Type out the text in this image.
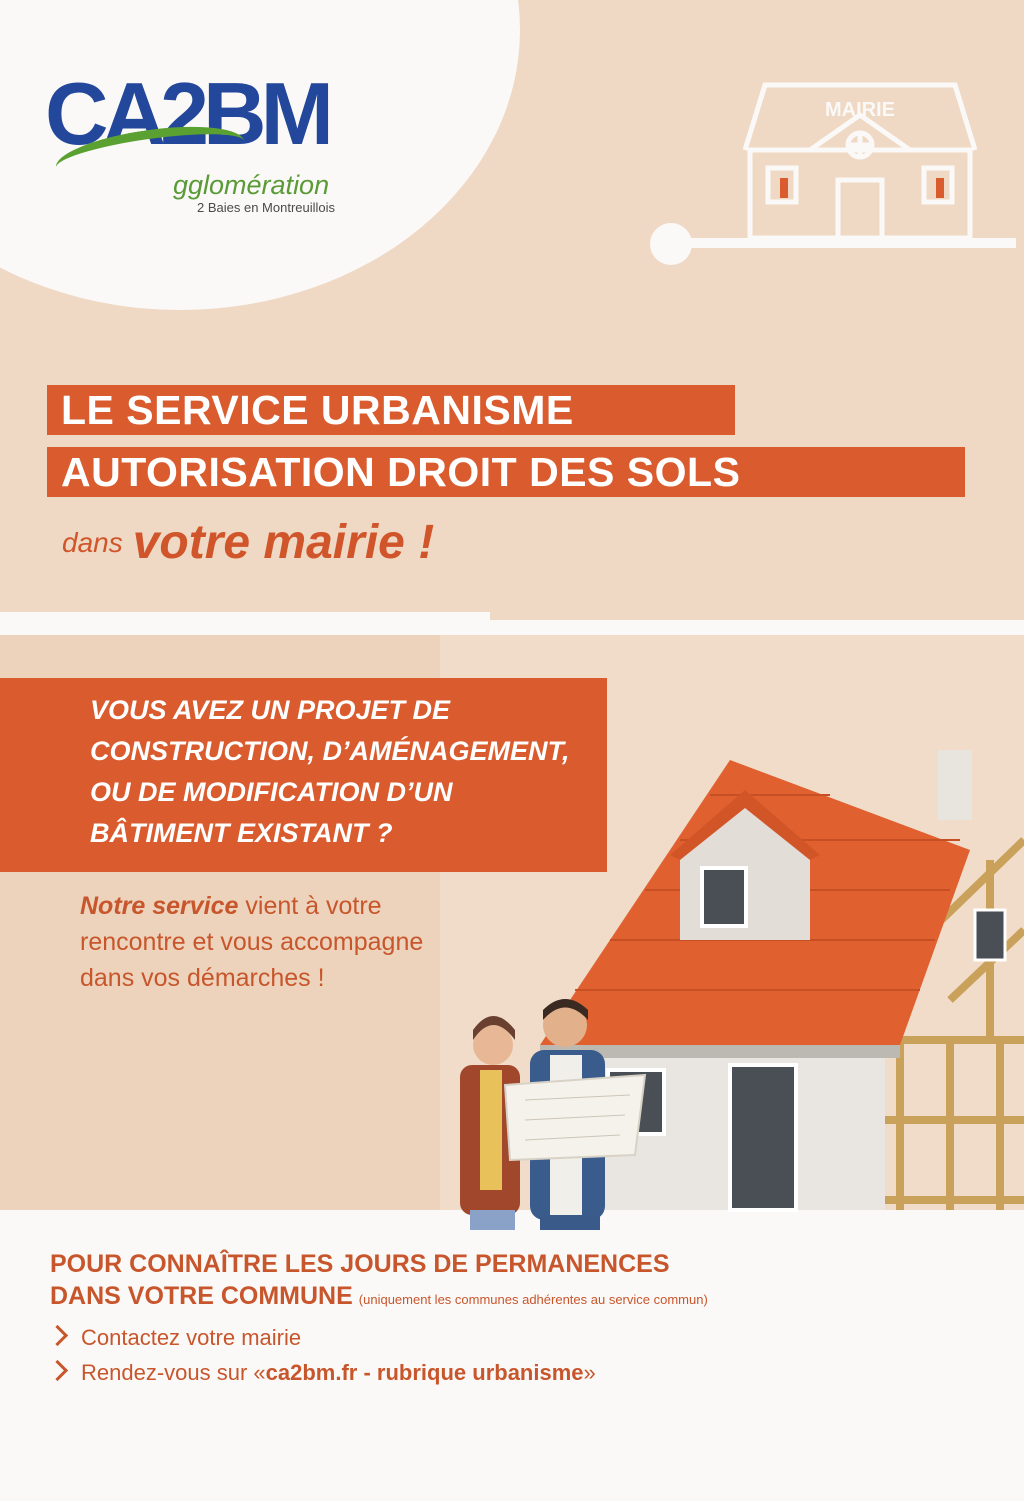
CA2BM
gglomération
2 Baies en Montreuillois
MAIRIE
LE SERVICE URBANISME
AUTORISATION DROIT DES SOLS
dans votre mairie !
VOUS AVEZ UN PROJET DE
CONSTRUCTION, D’AMÉNAGEMENT,
OU DE MODIFICATION D’UN
BÂTIMENT EXISTANT ?
Notre service vient à votre
rencontre et vous accompagne
dans vos démarches !
POUR CONNAÎTRE LES JOURS DE PERMANENCES
DANS VOTRE COMMUNE (uniquement les communes adhérentes au service commun)
Contactez votre mairie
Rendez-vous sur «ca2bm.fr - rubrique urbanisme»
